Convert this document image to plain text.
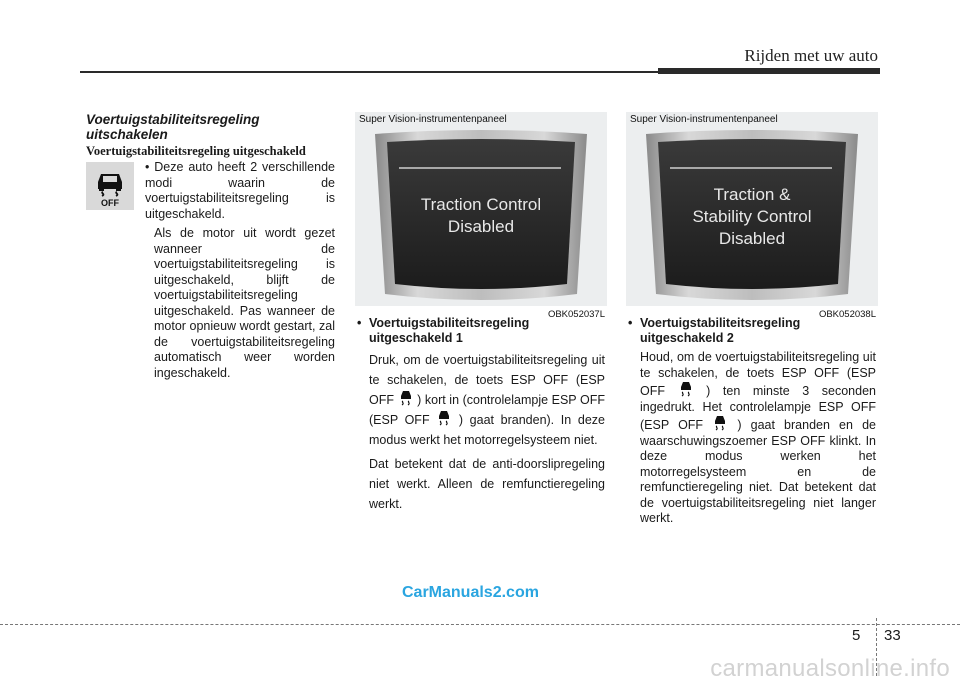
Rijden met uw auto
Voertuigstabiliteitsregeling uitschakelen
Voertuigstabiliteitsregeling uitgeschakeld
OFF

• Deze auto heeft 2 verschillende modi waarin de voertuigstabiliteitsregeling is uitgeschakeld.

Als de motor uit wordt gezet wanneer de voertuigstabiliteitsregeling is uitgeschakeld, blijft de voertuigstabiliteitsregeling uitgeschakeld. Pas wanneer de motor opnieuw wordt gestart, zal de voertuigstabiliteitsregeling automatisch weer worden ingeschakeld.

Super Vision-instrumentenpaneel
Traction Control
Disabled
OBK052037L
Super Vision-instrumentenpaneel
Traction &
Stability Control
Disabled
OBK052038L
• Voertuigstabiliteitsregeling uitgeschakeld 1

Druk, om de voertuigstabiliteitsregeling uit te schakelen, de toets ESP OFF (ESP OFF ) kort in (controlelampje ESP OFF (ESP OFF ) gaat branden). In deze modus werkt het motorregelsysteem niet.

Dat betekent dat de anti-doorslipregeling niet werkt. Alleen de remfunctieregeling werkt.

• Voertuigstabiliteitsregeling uitgeschakeld 2

Houd, om de voertuigstabiliteitsregeling uit te schakelen, de toets ESP OFF (ESP OFF	) ten minste 3 seconden ingedrukt. Het controlelampje ESP OFF (ESP OFF	) gaat branden en de waarschuwingszoemer ESP OFF klinkt. In deze modus werken het motorregelsysteem en de remfunctieregeling niet. Dat betekent dat de voertuigstabiliteitsregeling niet langer werkt.

CarManuals2.com
5 33
carmanualsonline.info
